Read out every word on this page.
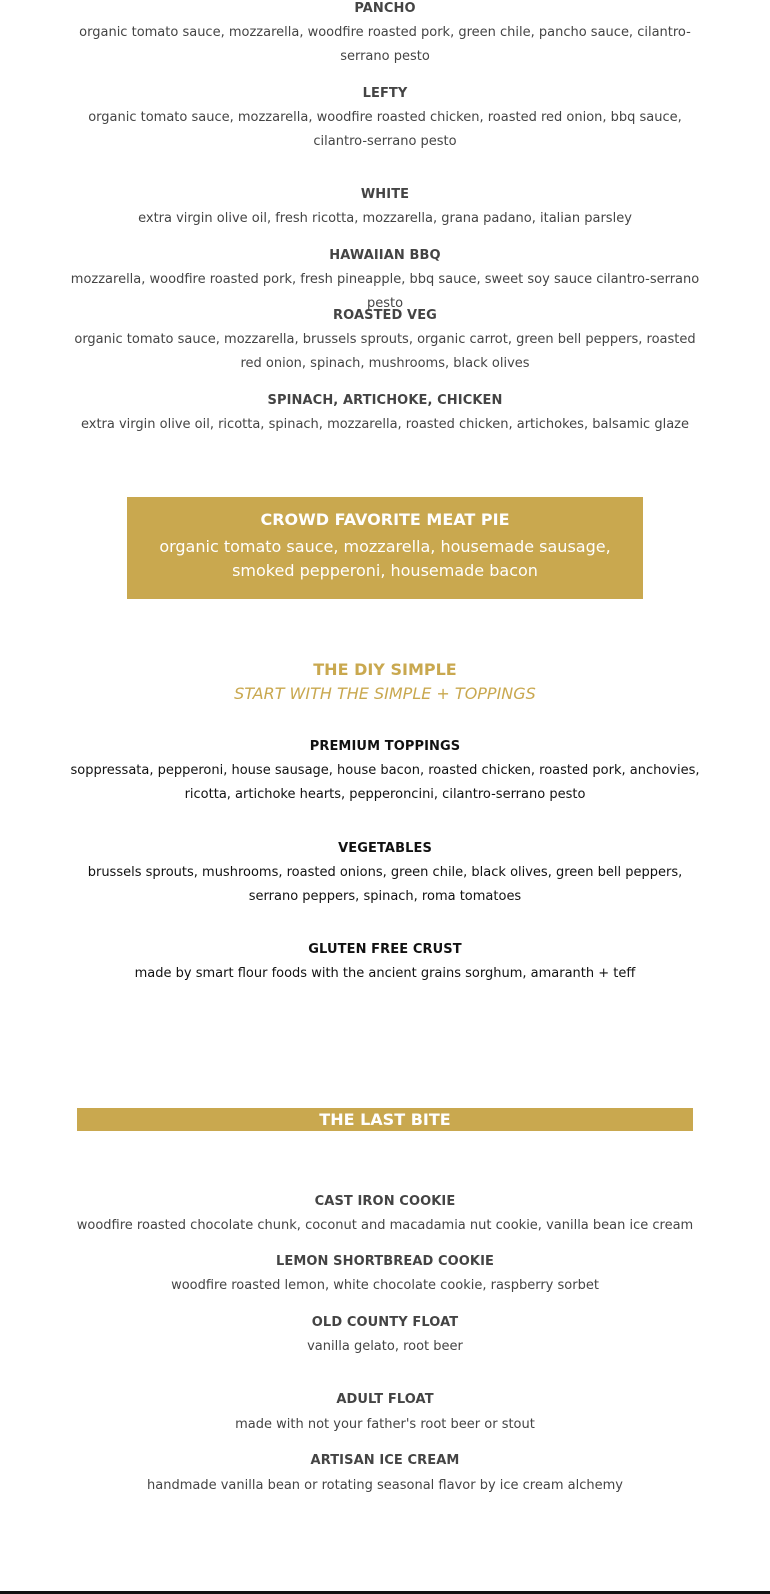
PANCHO
organic tomato sauce, mozzarella, woodfire roasted pork, green chile, pancho sauce, cilantro-serrano pesto
LEFTY
organic tomato sauce, mozzarella, woodfire roasted chicken, roasted red onion, bbq sauce, cilantro-serrano pesto
WHITE
extra virgin olive oil, fresh ricotta, mozzarella, grana padano, italian parsley
HAWAIIAN BBQ
mozzarella, woodfire roasted pork, fresh pineapple, bbq sauce, sweet soy sauce cilantro-serrano pesto
ROASTED VEG
organic tomato sauce, mozzarella, brussels sprouts, organic carrot, green bell peppers, roasted red onion, spinach, mushrooms, black olives
SPINACH, ARTICHOKE, CHICKEN
extra virgin olive oil, ricotta, spinach, mozzarella, roasted chicken, artichokes, balsamic glaze
CROWD FAVORITE MEAT PIE
organic tomato sauce, mozzarella, housemade sausage, smoked pepperoni, housemade bacon
THE DIY SIMPLE
START WITH THE SIMPLE + TOPPINGS
PREMIUM TOPPINGS
soppressata, pepperoni, house sausage, house bacon, roasted chicken, roasted pork, anchovies, ricotta, artichoke hearts, pepperoncini, cilantro-serrano pesto
VEGETABLES
brussels sprouts, mushrooms, roasted onions, green chile, black olives, green bell peppers, serrano peppers, spinach, roma tomatoes
GLUTEN FREE CRUST
made by smart flour foods with the ancient grains sorghum, amaranth + teff
THE LAST BITE
CAST IRON COOKIE
woodfire roasted chocolate chunk, coconut and macadamia nut cookie, vanilla bean ice cream
LEMON SHORTBREAD COOKIE
woodfire roasted lemon, white chocolate cookie, raspberry sorbet
OLD COUNTY FLOAT
vanilla gelato, root beer
ADULT FLOAT
made with not your father's root beer or stout
ARTISAN ICE CREAM
handmade vanilla bean or rotating seasonal flavor by ice cream alchemy
